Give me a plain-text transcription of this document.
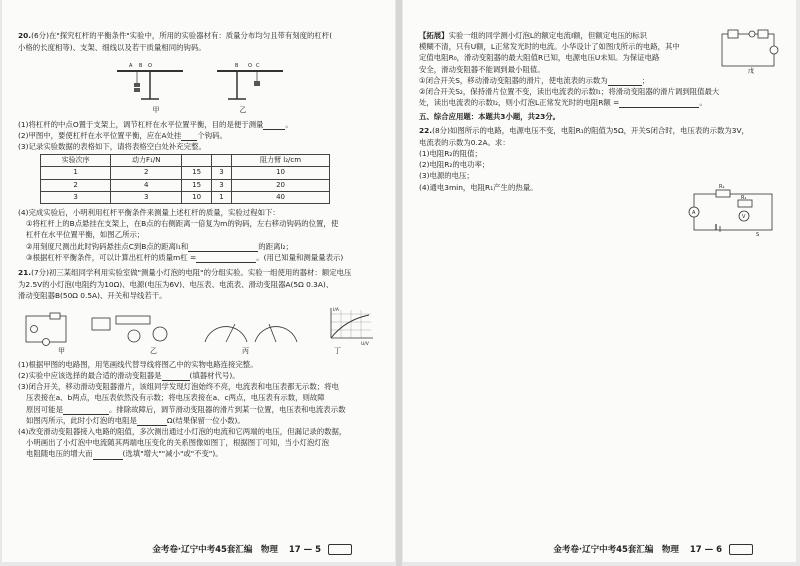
20.(6分)在"探究杠杆的平衡条件"实验中，所用的实验器材有：质量分布均匀且带有刻度的杠杆(

小格的长度相等)、支架、细线以及若干质量相同的钩码。

A B O	O
B	C
甲	乙

(1)将杠杆的中点O置于支架上，调节杠杆在水平位置平衡，目的是便于测量	。

(2)甲图中，要使杠杆在水平位置平衡，应在A处挂 个钩码。

(3)记录实验数据的表格如下，请将表格空白处补充完整。

实验次序	动力F₁/N			阻力臂 l₂/cm
1	2	15	3	10
2	4	15	3	20
3	3	10	1	40

(4)完成实验后，小明利用杠杆平衡条件来测量上述杠杆的质量，实验过程如下：

①将杠杆上的B点悬挂在支架上，在B点的右侧距离一倍复为m的钩码，左右移动钩码的位置，使

杠杆在水平位置平衡，如图乙所示；

②用刻度尺测出此时钩码悬挂点C到B点的距离l₁和	的距离l₂；

③根据杠杆平衡条件，可以计算出杠杆的质量m杠 =	。(用已知量和测量量表示)

21.(7分)初三某组同学利用实验室做"测量小灯泡的电阻"的分组实验。实验一组使用的器材：额定电压

为2.5V的小灯泡(电阻约为10Ω)、电源(电压为6V)、电压表、电流表、滑动变阻器A(5Ω 0.3A)、

滑动变阻器B(50Ω 0.5A)、开关和导线若干。

I/A
U/V
甲	乙	丙	丁

(1)根据甲图的电路图，用笔画线代替导线将图乙中的实物电路连接完整。

(2)实验中应该选择的最合适的滑动变阻器是	(填器材代号)。

(3)闭合开关，移动滑动变阻器滑片，该组同学发现灯泡始终不亮，电流表和电压表都无示数；将电

压表接在a、b两点，电压表依然没有示数；将电压表接在a、c两点，电压表有示数，则故障

原因可能是	。排除故障后，调节滑动变阻器的滑片到某一位置，电压表和电流表示数

如图丙所示，此时小灯泡的电阻是	Ω(结果保留一位小数)。

(4)改变滑动变阻器接入电路的阻值，多次测出通过小灯泡的电流和它两端的电压，但漏记录的数据，

小明画出了小灯泡中电流随其两端电压变化的关系图像如图丁，根据图丁可知，当小灯泡灯泡

电阻随电压的增大而	(选填"增大""减小"或"不变")。

金考卷·辽宁中考45套汇编　物理 17 — 5
戊

【拓展】实验一组的同学测小灯泡L的额定电流I额，但额定电压的标识

模糊不清，只有U额，L正常发光时的电流。小华设计了如图戊所示的电路，其中

定值电阻R₀，滑动变阻器的最大阻值R已知，电源电压U未知。为保证电路

安全，滑动变阻器不能调到最小阻值。

①闭合开关S，移动滑动变阻器的滑片，使电流表的示数为	；

②闭合开关S₂，保持滑片位置不变，读出电流表的示数I₁；将滑动变阻器的滑片调到阻值最大

处，读出电流表的示数I₂，则小灯泡L正常发光时的电阻R额 =	。

五、综合应用题：本题共3小题，共23分。

22.(8分)如图所示的电路，电源电压不变，电阻R₁的阻值为5Ω，开关S闭合时，电压表的示数为3V，

电流表的示数为0.2A。求：

(1)电阻R₂的阻值；

(2)电阻R₂的电功率；

(3)电源的电压；

(4)通电3min，电阻R₁产生的热量。	R₂
R₁
A
V
S
金考卷·辽宁中考45套汇编　物理 17 — 6
